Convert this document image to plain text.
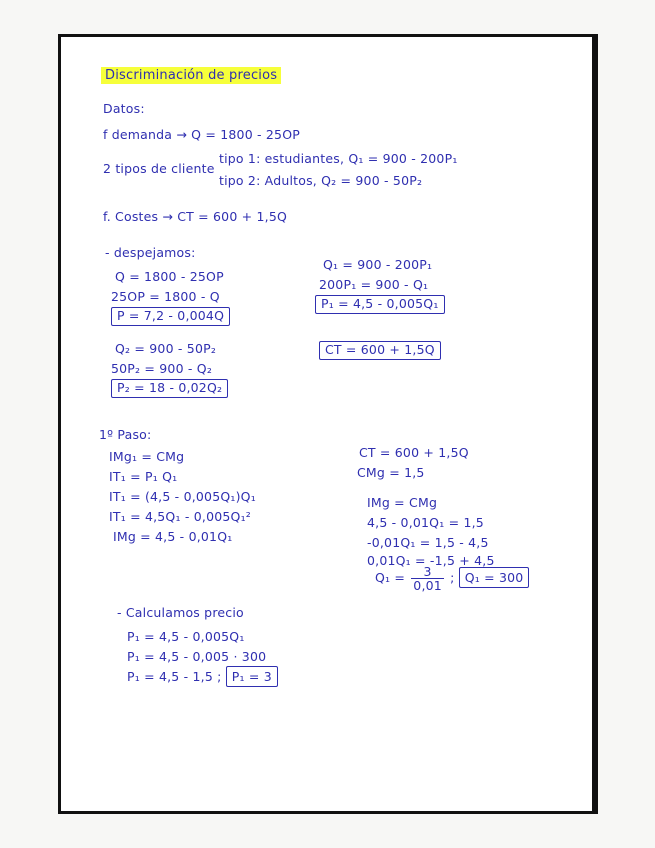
Discriminación de precios
Datos:
f demanda → Q = 1800 - 25OP
2 tipos de cliente
tipo 1: estudiantes, Q₁ = 900 - 200P₁
tipo 2: Adultos, Q₂ = 900 - 50P₂
f. Costes → CT = 600 + 1,5Q
- despejamos:
Q = 1800 - 25OP
25OP = 1800 - Q
P = 7,2 - 0,004Q
Q₁ = 900 - 200P₁
200P₁ = 900 - Q₁
P₁ = 4,5 - 0,005Q₁
Q₂ = 900 - 50P₂
50P₂ = 900 - Q₂
P₂ = 18 - 0,02Q₂
CT = 600 + 1,5Q
1º Paso:
IMg₁ = CMg
IT₁ = P₁ Q₁
IT₁ = (4,5 - 0,005Q₁)Q₁
IT₁ = 4,5Q₁ - 0,005Q₁²
IMg = 4,5 - 0,01Q₁
CT = 600 + 1,5Q
CMg = 1,5
IMg = CMg
4,5 - 0,01Q₁ = 1,5
-0,01Q₁ = 1,5 - 4,5
0,01Q₁ = -1,5 + 4,5
$Q_1 = \frac{3}{0,01}$ ; Q₁ = 300
- Calculamos precio
P₁ = 4,5 - 0,005Q₁
P₁ = 4,5 - 0,005 · 300
P₁ = 4,5 - 1,5 ; P₁ = 3
